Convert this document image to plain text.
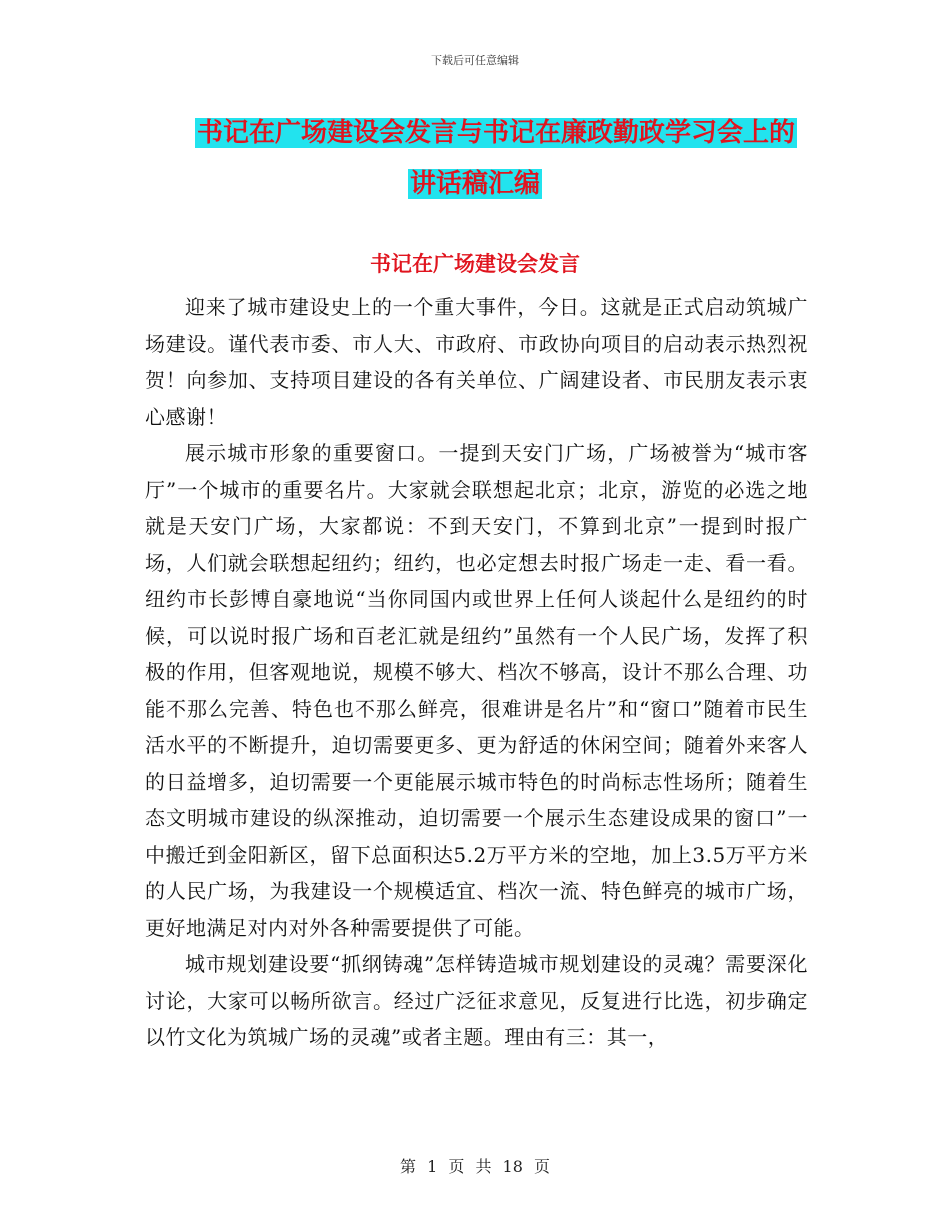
下载后可任意编辑
书记在广场建设会发言与书记在廉政勤政学习会上的
讲话稿汇编
书记在广场建设会发言

迎来了城市建设史上的一个重大事件，今日。这就是正式启动筑城广场建设。谨代表市委、市人大、市政府、市政协向项目的启动表示热烈祝贺！向参加、支持项目建设的各有关单位、广阔建设者、市民朋友表示衷心感谢！

展示城市形象的重要窗口。一提到天安门广场，广场被誉为“城市客厅”一个城市的重要名片。大家就会联想起北京；北京，游览的必选之地就是天安门广场，大家都说：不到天安门，不算到北京”一提到时报广场，人们就会联想起纽约；纽约，也必定想去时报广场走一走、看一看。纽约市长彭博自豪地说“当你同国内或世界上任何人谈起什么是纽约的时候，可以说时报广场和百老汇就是纽约”虽然有一个人民广场，发挥了积极的作用，但客观地说，规模不够大、档次不够高，设计不那么合理、功能不那么完善、特色也不那么鲜亮，很难讲是名片”和“窗口”随着市民生活水平的不断提升，迫切需要更多、更为舒适的休闲空间；随着外来客人的日益增多，迫切需要一个更能展示城市特色的时尚标志性场所；随着生态文明城市建设的纵深推动，迫切需要一个展示生态建设成果的窗口”一中搬迁到金阳新区，留下总面积达5.2万平方米的空地，加上3.5万平方米的人民广场，为我建设一个规模适宜、档次一流、特色鲜亮的城市广场，更好地满足对内对外各种需要提供了可能。

城市规划建设要“抓纲铸魂”怎样铸造城市规划建设的灵魂？需要深化讨论，大家可以畅所欲言。经过广泛征求意见，反复进行比选，初步确定以竹文化为筑城广场的灵魂”或者主题。理由有三：其一，

第 1 页 共 18 页
